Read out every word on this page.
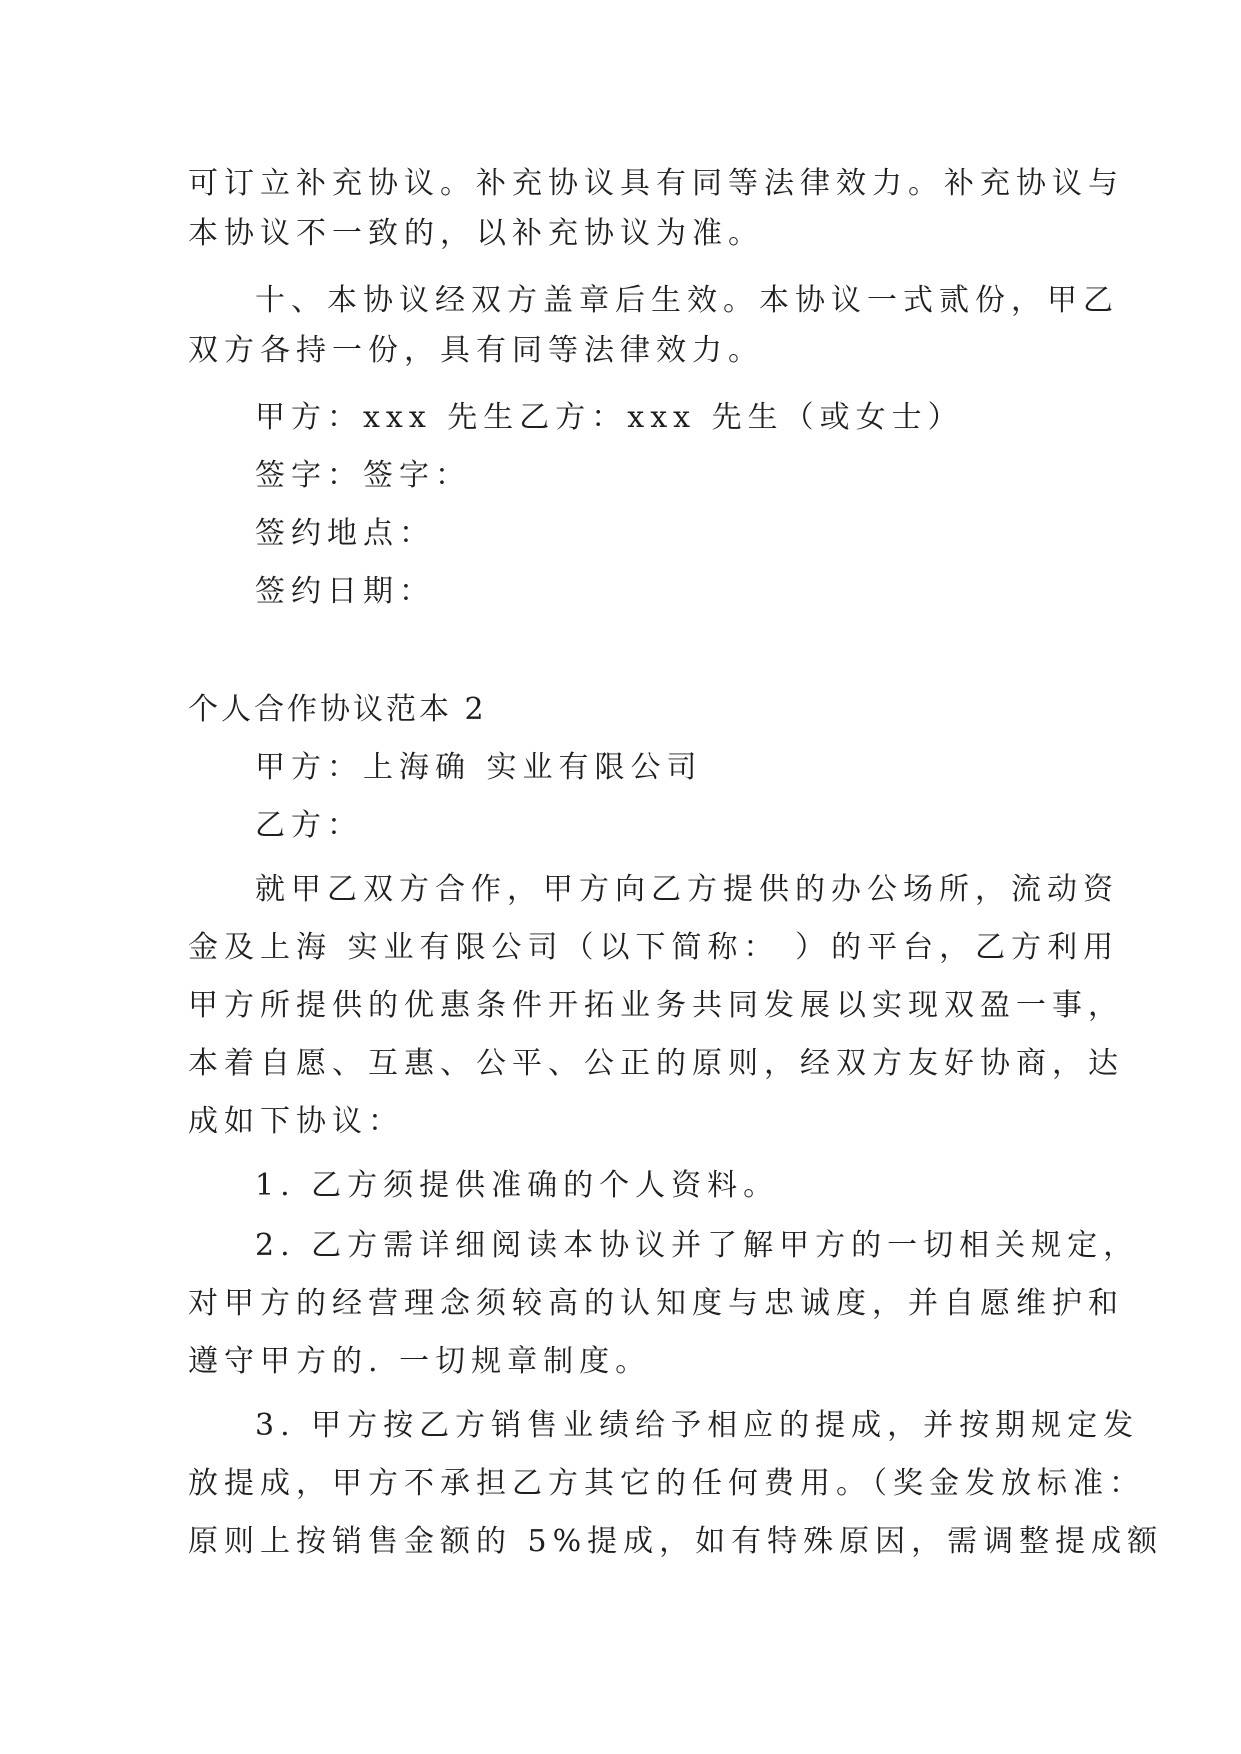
可订立补充协议。补充协议具有同等法律效力。补充协议与
本协议不一致的，以补充协议为准。
十、本协议经双方盖章后生效。本协议一式贰份，甲乙
双方各持一份，具有同等法律效力。
甲方：xxx 先生乙方：xxx 先生（或女士）
签字：签字：
签约地点：
签约日期：
个人合作协议范本 2
甲方：上海确 实业有限公司
乙方：
就甲乙双方合作，甲方向乙方提供的办公场所，流动资
金及上海 实业有限公司（以下简称： ）的平台，乙方利用
甲方所提供的优惠条件开拓业务共同发展以实现双盈一事，
本着自愿、互惠、公平、公正的原则，经双方友好协商，达
成如下协议：
1. 乙方须提供准确的个人资料。
2. 乙方需详细阅读本协议并了解甲方的一切相关规定，
对甲方的经营理念须较高的认知度与忠诚度，并自愿维护和
遵守甲方的. 一切规章制度。
3. 甲方按乙方销售业绩给予相应的提成，并按期规定发
放提成，甲方不承担乙方其它的任何费用。（奖金发放标准：
原则上按销售金额的 5%提成，如有特殊原因，需调整提成额
